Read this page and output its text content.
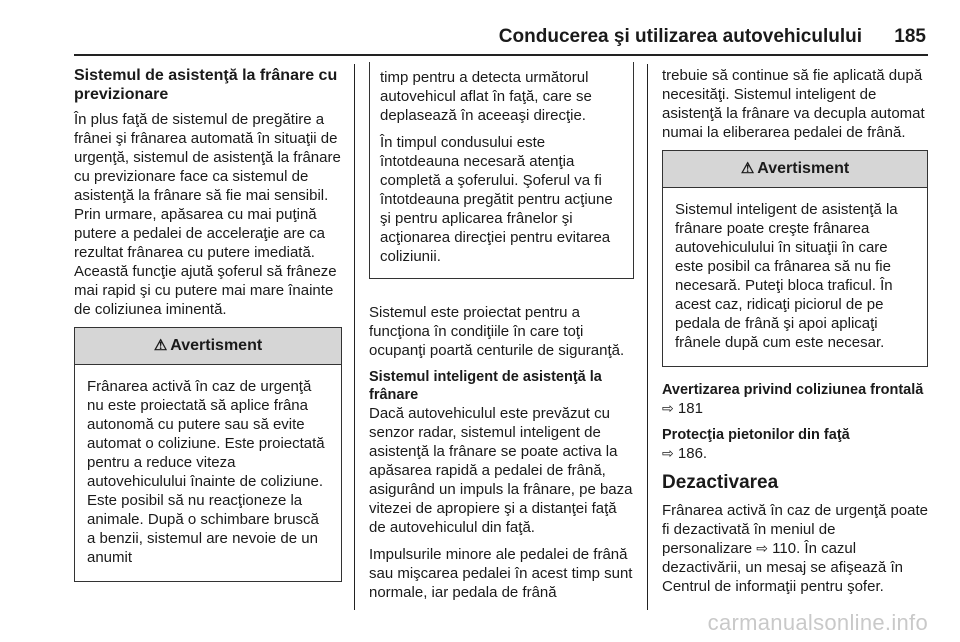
Conducerea şi utilizarea autovehiculului 185
Sistemul de asistenţă la frânare cu previzionare

În plus faţă de sistemul de pregătire a frânei şi frânarea automată în situaţii de urgenţă, sistemul de asistenţă la frânare cu previzionare face ca sistemul de asistenţă la frânare să fie mai sensibil. Prin urmare, apăsarea cu mai puţină putere a pedalei de acceleraţie are ca rezultat frânarea cu putere imediată. Această funcţie ajută şoferul să frâneze mai rapid şi cu putere mai mare înainte de coliziunea iminentă.

⚠ Avertisment

Frânarea activă în caz de urgenţă nu este proiectată să aplice frâna autonomă cu putere sau să evite automat o coliziune. Este proiectată pentru a reduce viteza autovehiculului înainte de coliziune. Este posibil să nu reacţioneze la animale. După o schimbare bruscă a benzii, sistemul are nevoie de un anumit

timp pentru a detecta următorul autovehicul aflat în faţă, care se deplasează în aceeaşi direcţie.

În timpul condusului este întotdeauna necesară atenţia completă a şoferului. Şoferul va fi întotdeauna pregătit pentru acţiune şi pentru aplicarea frânelor şi acţionarea direcţiei pentru evitarea coliziunii.

Sistemul este proiectat pentru a funcţiona în condiţiile în care toţi ocupanţi poartă centurile de siguranţă.

Sistemul inteligent de asistenţă la frânare

Dacă autovehiculul este prevăzut cu senzor radar, sistemul inteligent de asistenţă la frânare se poate activa la apăsarea rapidă a pedalei de frână, asigurând un impuls la frânare, pe baza vitezei de apropiere şi a distanţei faţă de autovehiculul din faţă.

Impulsurile minore ale pedalei de frână sau mişcarea pedalei în acest timp sunt normale, iar pedala de frână

trebuie să continue să fie aplicată după necesităţi. Sistemul inteligent de asistenţă la frânare va decupla automat numai la eliberarea pedalei de frână.

⚠ Avertisment

Sistemul inteligent de asistenţă la frânare poate creşte frânarea autovehiculului în situaţii în care este posibil ca frânarea să nu fie necesară. Puteţi bloca traficul. În acest caz, ridicaţi piciorul de pe pedala de frână şi apoi aplicaţi frânele după cum este necesar.

Avertizarea privind coliziunea frontală

⇨ 181

Protecţia pietonilor din faţă

⇨ 186.

Dezactivarea

Frânarea activă în caz de urgenţă poate fi dezactivată în meniul de personalizare ⇨ 110. În cazul dezactivării, un mesaj se afişează în Centrul de informaţii pentru şofer.

carmanualsonline.info
